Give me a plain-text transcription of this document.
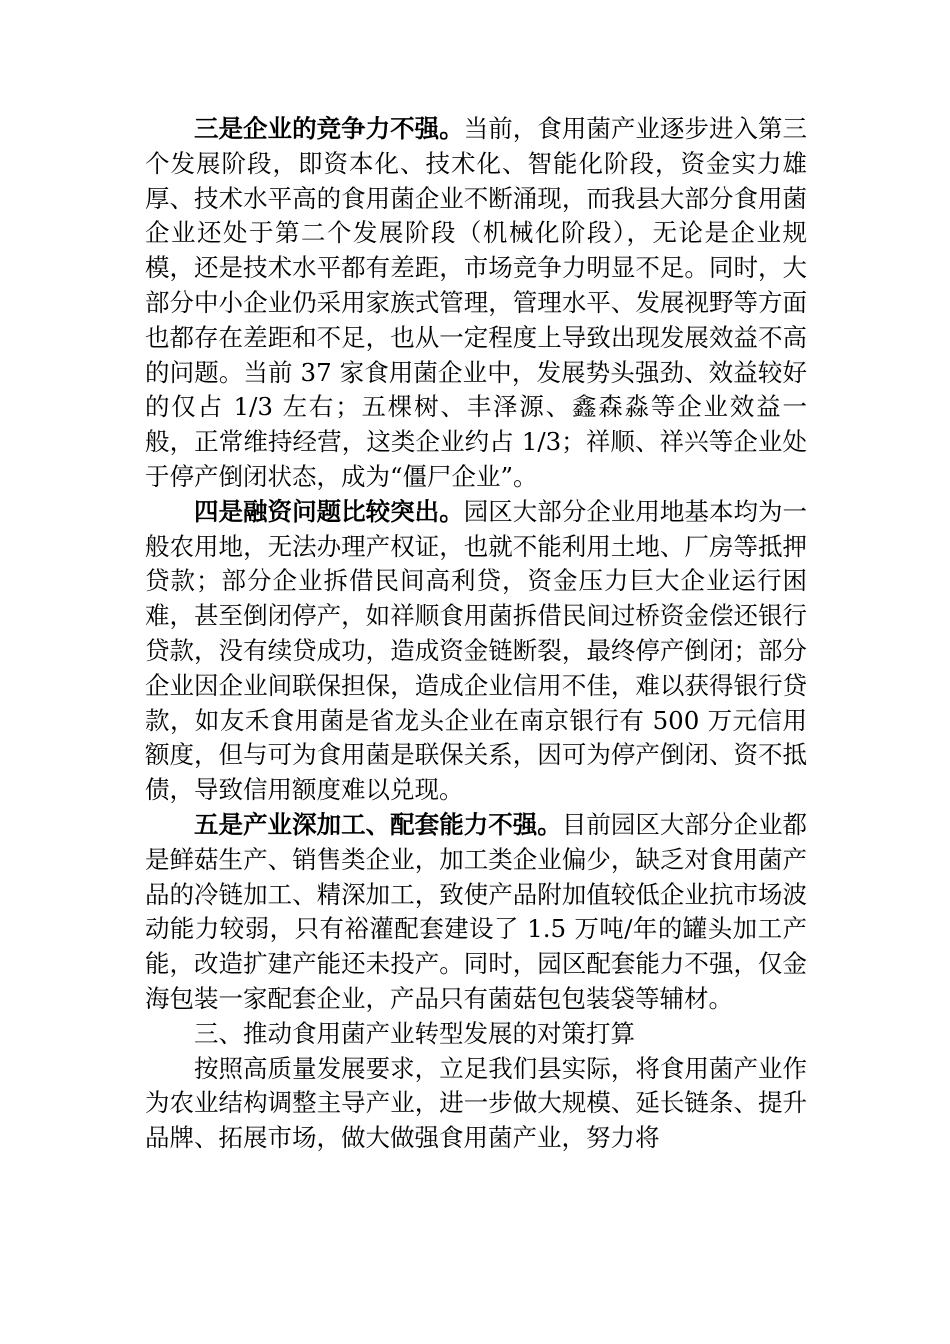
三是企业的竞争力不强。当前，食用菌产业逐步进入第三个发展阶段，即资本化、技术化、智能化阶段，资金实力雄厚、技术水平高的食用菌企业不断涌现，而我县大部分食用菌企业还处于第二个发展阶段（机械化阶段），无论是企业规模，还是技术水平都有差距，市场竞争力明显不足。同时，大部分中小企业仍采用家族式管理，管理水平、发展视野等方面也都存在差距和不足，也从一定程度上导致出现发展效益不高的问题。当前 37 家食用菌企业中，发展势头强劲、效益较好的仅占 1/3 左右；五棵树、丰泽源、鑫森淼等企业效益一般，正常维持经营，这类企业约占 1/3；祥顺、祥兴等企业处于停产倒闭状态，成为“僵尸企业”。

四是融资问题比较突出。园区大部分企业用地基本均为一般农用地，无法办理产权证，也就不能利用土地、厂房等抵押贷款；部分企业拆借民间高利贷，资金压力巨大企业运行困难，甚至倒闭停产，如祥顺食用菌拆借民间过桥资金偿还银行贷款，没有续贷成功，造成资金链断裂，最终停产倒闭；部分企业因企业间联保担保，造成企业信用不佳，难以获得银行贷款，如友禾食用菌是省龙头企业在南京银行有 500 万元信用额度，但与可为食用菌是联保关系，因可为停产倒闭、资不抵债，导致信用额度难以兑现。

五是产业深加工、配套能力不强。目前园区大部分企业都是鲜菇生产、销售类企业，加工类企业偏少，缺乏对食用菌产品的冷链加工、精深加工，致使产品附加值较低企业抗市场波动能力较弱，只有裕灌配套建设了 1.5 万吨/年的罐头加工产能，改造扩建产能还未投产。同时，园区配套能力不强，仅金海包装一家配套企业，产品只有菌菇包包装袋等辅材。

三、推动食用菌产业转型发展的对策打算

按照高质量发展要求，立足我们县实际，将食用菌产业作为农业结构调整主导产业，进一步做大规模、延长链条、提升品牌、拓展市场，做大做强食用菌产业，努力将
